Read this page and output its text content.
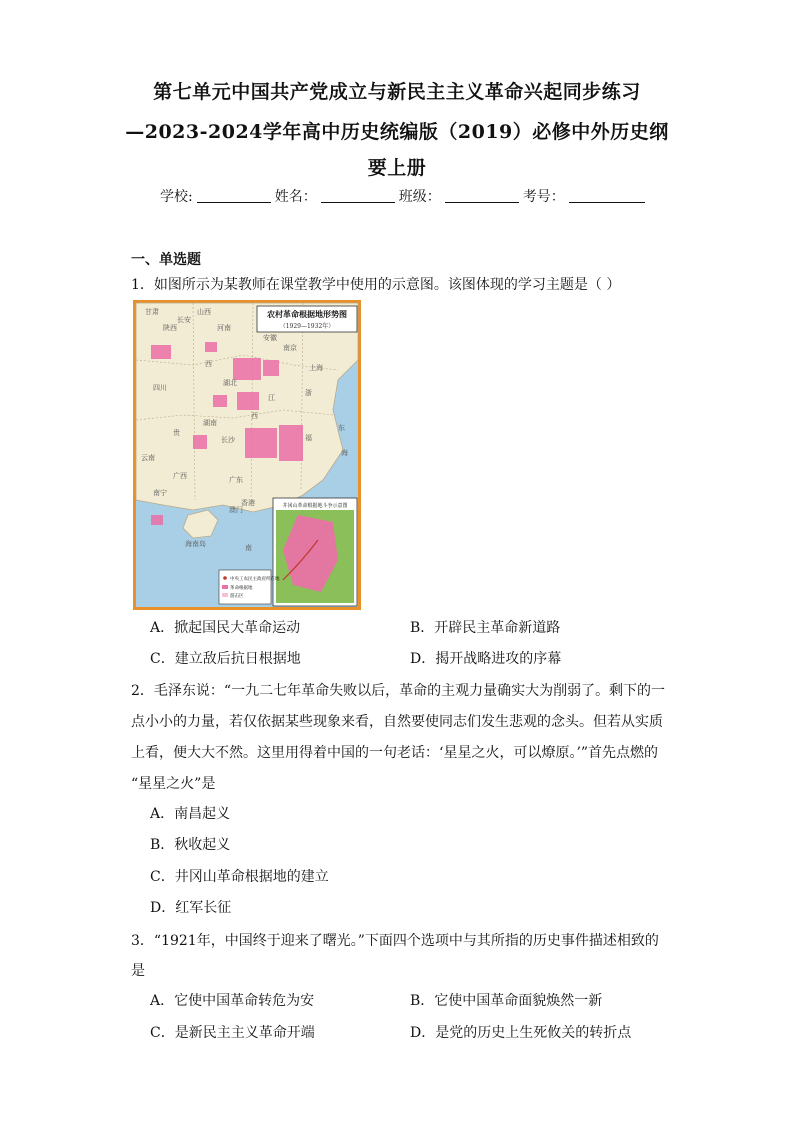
第七单元中国共产党成立与新民主主义革命兴起同步练习
—2023-2024学年高中历史统编版（2019）必修中外历史纲
要上册
学校:	姓名：	班级：	考号：
一、单选题
1．如图所示为某教师在课堂教学中使用的示意图。该图体现的学习主题是（ ）
农村革命根据地形势图
（1929—1932年）
井冈山革命根据地斗争示意图
中央工农民主政府所在地
革命根据地
游击区
甘肃	山西
陕西	河南
长安
安徽
西
南京
上海
四川
湖北
浙
江
贵
湖南
长沙
西
福
广西	广东
云南
南宁
香港
澳门
南
海南岛
东
海
A．掀起国民大革命运动	B．开辟民主革命新道路
C．建立敌后抗日根据地	D．揭开战略进攻的序幕
2．毛泽东说：“一九二七年革命失败以后，革命的主观力量确实大为削弱了。剩下的一
点小小的力量，若仅依据某些现象来看，自然要使同志们发生悲观的念头。但若从实质
上看，便大大不然。这里用得着中国的一句老话：‘星星之火，可以燎原。’”首先点燃的
“星星之火”是
A．南昌起义
B．秋收起义
C．井冈山革命根据地的建立
D．红军长征
3．“1921年，中国终于迎来了曙光。”下面四个选项中与其所指的历史事件描述相致的
是
A．它使中国革命转危为安	B．它使中国革命面貌焕然一新
C．是新民主主义革命开端	D．是党的历史上生死攸关的转折点
